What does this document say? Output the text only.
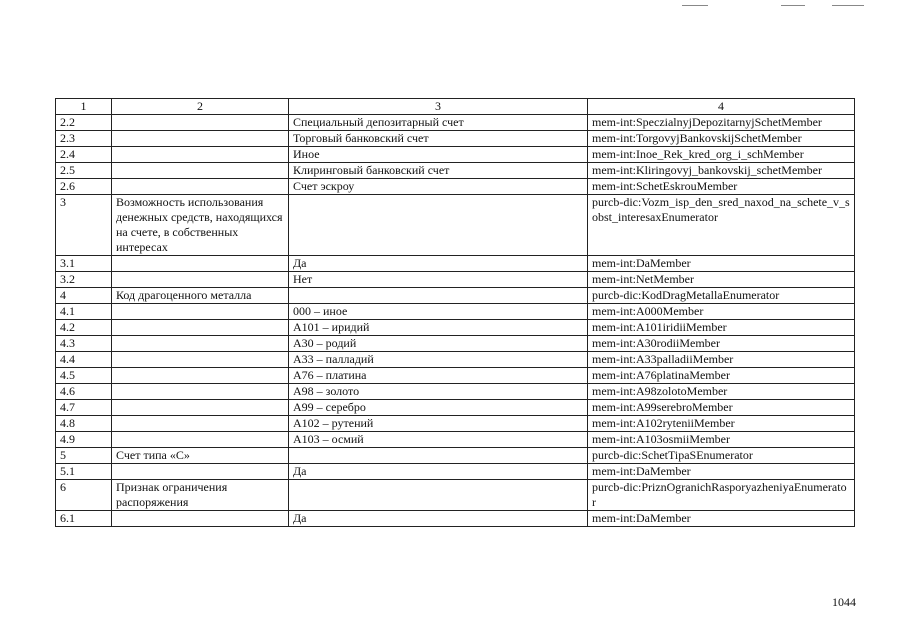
1	2	3	4
2.2		Специальный депозитарный счет	mem-int:SpeczialnyjDepozitarnyjSchetMember
2.3		Торговый банковский счет	mem-int:TorgovyjBankovskijSchetMember
2.4		Иное	mem-int:Inoe_Rek_kred_org_i_schMember
2.5		Клиринговый банковский счет	mem-int:Kliringovyj_bankovskij_schetMember
2.6		Счет эскроу	mem-int:SchetEskrouMember
3	Возможность использования денежных средств, находящихся на счете, в собственных интересах		purcb-dic:Vozm_isp_den_sred_naxod_na_schete_v_sobst_interesaxEnumerator
3.1		Да	mem-int:DaMember
3.2		Нет	mem-int:NetMember
4	Код драгоценного металла		purcb-dic:KodDragMetallaEnumerator
4.1		000 – иное	mem-int:A000Member
4.2		A101 – иридий	mem-int:A101iridiiMember
4.3		A30 – родий	mem-int:A30rodiiMember
4.4		A33 – палладий	mem-int:A33palladiiMember
4.5		A76 – платина	mem-int:A76platinaMember
4.6		A98 – золото	mem-int:A98zolotoMember
4.7		A99 – серебро	mem-int:A99serebroMember
4.8		A102 – рутений	mem-int:A102ryteniiMember
4.9		A103 – осмий	mem-int:A103osmiiMember
5	Счет типа «С»		purcb-dic:SchetTipaSEnumerator
5.1		Да	mem-int:DaMember
6	Признак ограничения распоряжения		purcb-dic:PriznOgranichRasporyazheniyaEnumerator
6.1		Да	mem-int:DaMember
1044
